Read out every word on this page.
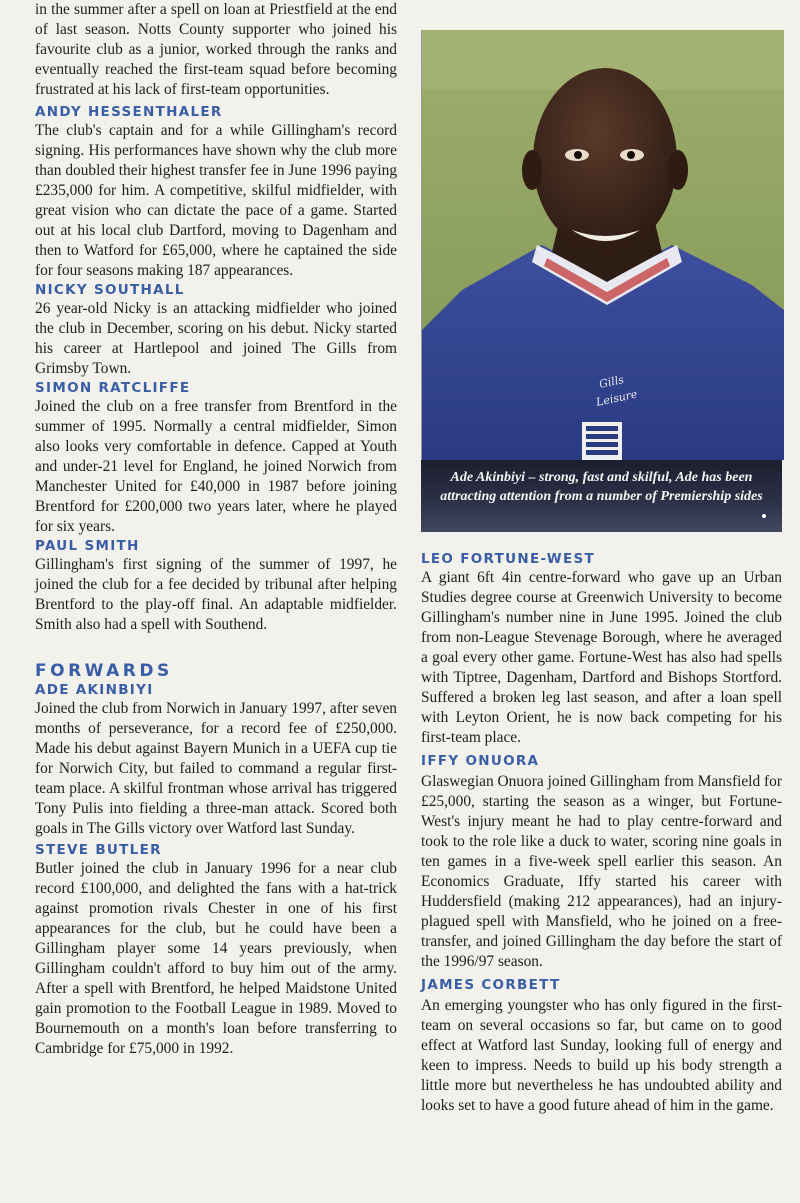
in the summer after a spell on loan at Priestfield at the end of last season. Notts County supporter who joined his favourite club as a junior, worked through the ranks and eventually reached the first-team squad before becoming frustrated at his lack of first-team opportunities.

ANDY HESSENTHALER

The club's captain and for a while Gillingham's record signing. His performances have shown why the club more than doubled their highest transfer fee in June 1996 paying £235,000 for him. A competitive, skilful midfielder, with great vision who can dictate the pace of a game. Started out at his local club Dartford, moving to Dagenham and then to Watford for £65,000, where he captained the side for four seasons making 187 appearances.

NICKY SOUTHALL

26 year-old Nicky is an attacking midfielder who joined the club in December, scoring on his debut. Nicky started his career at Hartlepool and joined The Gills from Grimsby Town.

SIMON RATCLIFFE

Joined the club on a free transfer from Brentford in the summer of 1995. Normally a central midfielder, Simon also looks very comfortable in defence. Capped at Youth and under-21 level for England, he joined Norwich from Manchester United for £40,000 in 1987 before joining Brentford for £200,000 two years later, where he played for six years.

PAUL SMITH

Gillingham's first signing of the summer of 1997, he joined the club for a fee decided by tribunal after helping Brentford to the play-off final. An adaptable midfielder. Smith also had a spell with Southend.

FORWARDS
ADE AKINBIYI

Joined the club from Norwich in January 1997, after seven months of perseverance, for a record fee of £250,000. Made his debut against Bayern Munich in a UEFA cup tie for Norwich City, but failed to command a regular first-team place. A skilful frontman whose arrival has triggered Tony Pulis into fielding a three-man attack. Scored both goals in The Gills victory over Watford last Sunday.

STEVE BUTLER

Butler joined the club in January 1996 for a near club record £100,000, and delighted the fans with a hat-trick against promotion rivals Chester in one of his first appearances for the club, but he could have been a Gillingham player some 14 years previously, when Gillingham couldn't afford to buy him out of the army. After a spell with Brentford, he helped Maidstone United gain promotion to the Football League in 1989. Moved to Bournemouth on a month's loan before transferring to Cambridge for £75,000 in 1992.

Gills
Leisure
Ade Akinbiyi – strong, fast and skilful, Ade has been attracting attention from a number of Premiership sides
LEO FORTUNE-WEST

A giant 6ft 4in centre-forward who gave up an Urban Studies degree course at Greenwich University to become Gillingham's number nine in June 1995. Joined the club from non-League Stevenage Borough, where he averaged a goal every other game. Fortune-West has also had spells with Tiptree, Dagenham, Dartford and Bishops Stortford. Suffered a broken leg last season, and after a loan spell with Leyton Orient, he is now back competing for his first-team place.

IFFY ONUORA

Glaswegian Onuora joined Gillingham from Mansfield for £25,000, starting the season as a winger, but Fortune-West's injury meant he had to play centre-forward and took to the role like a duck to water, scoring nine goals in ten games in a five-week spell earlier this season. An Economics Graduate, Iffy started his career with Huddersfield (making 212 appearances), had an injury-plagued spell with Mansfield, who he joined on a free-transfer, and joined Gillingham the day before the start of the 1996/97 season.

JAMES CORBETT

An emerging youngster who has only figured in the first-team on several occasions so far, but came on to good effect at Watford last Sunday, looking full of energy and keen to impress. Needs to build up his body strength a little more but nevertheless he has undoubted ability and looks set to have a good future ahead of him in the game.
